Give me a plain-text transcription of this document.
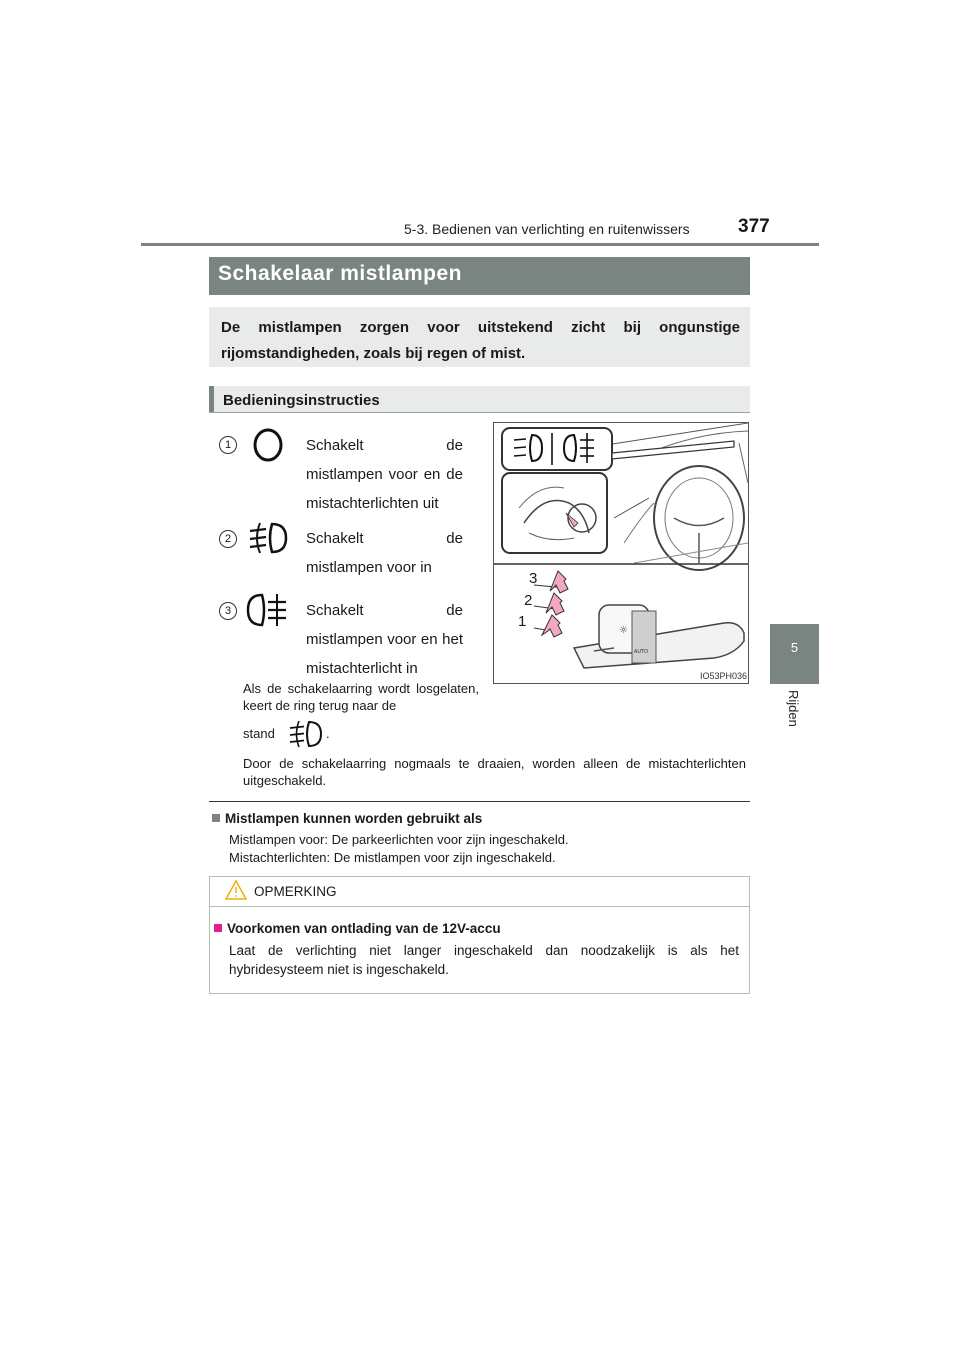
5-3. Bedienen van verlichting en ruitenwissers	377
5
Rijden
Schakelaar mistlampen
De mistlampen zorgen voor uitstekend zicht bij ongunstige rijomstandigheden, zoals bij regen of mist.
Bedieningsinstructies
1	Schakelt de mistlampen voor en de mistachterlichten uit
2	Schakelt de mistlampen voor in
3	Schakelt de mistlampen voor en het mistachterlicht in
Als de schakelaarring wordt losgelaten, keert de ring terug naar de
stand	.
Door de schakelaarring nogmaals te draaien, worden alleen de mistachterlichten uitgeschakeld.
☼
AUTO
1
2
3
IO53PH036
Mistlampen kunnen worden gebruikt als
Mistlampen voor: De parkeerlichten voor zijn ingeschakeld.
Mistachterlichten: De mistlampen voor zijn ingeschakeld.
OPMERKING
Voorkomen van ontlading van de 12V-accu
Laat de verlichting niet langer ingeschakeld dan noodzakelijk is als het hybridesysteem niet is ingeschakeld.
